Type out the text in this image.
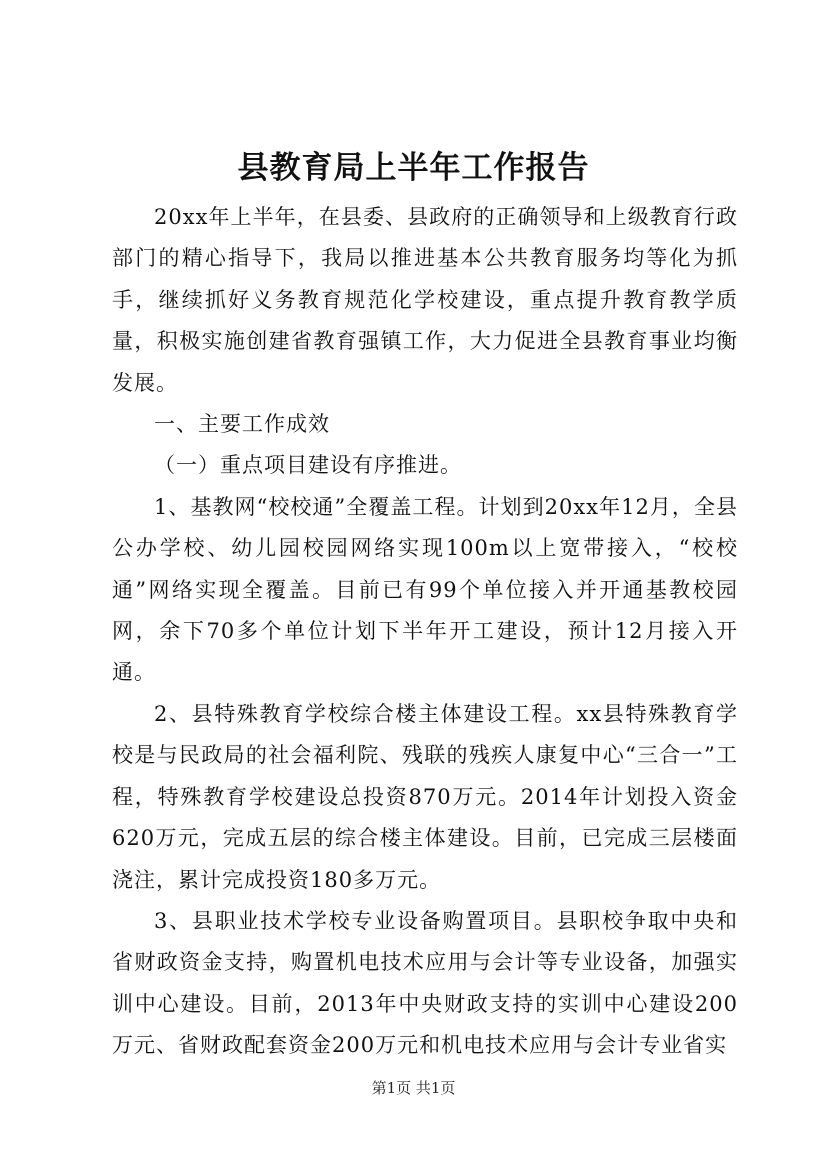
县教育局上半年工作报告

20xx年上半年，在县委、县政府的正确领导和上级教育行政部门的精心指导下，我局以推进基本公共教育服务均等化为抓手，继续抓好义务教育规范化学校建设，重点提升教育教学质量，积极实施创建省教育强镇工作，大力促进全县教育事业均衡发展。

一、主要工作成效

（一）重点项目建设有序推进。

1、基教网“校校通”全覆盖工程。计划到20xx年12月，全县公办学校、幼儿园校园网络实现100m以上宽带接入，“校校通”网络实现全覆盖。目前已有99个单位接入并开通基教校园网，余下70多个单位计划下半年开工建设，预计12月接入开通。

2、县特殊教育学校综合楼主体建设工程。xx县特殊教育学校是与民政局的社会福利院、残联的残疾人康复中心“三合一”工程，特殊教育学校建设总投资870万元。2014年计划投入资金620万元，完成五层的综合楼主体建设。目前，已完成三层楼面浇注，累计完成投资180多万元。

3、县职业技术学校专业设备购置项目。县职校争取中央和省财政资金支持，购置机电技术应用与会计等专业设备，加强实训中心建设。目前，2013年中央财政支持的实训中心建设200万元、省财政配套资金200万元和机电技术应用与会计专业省实

第1页 共1页
